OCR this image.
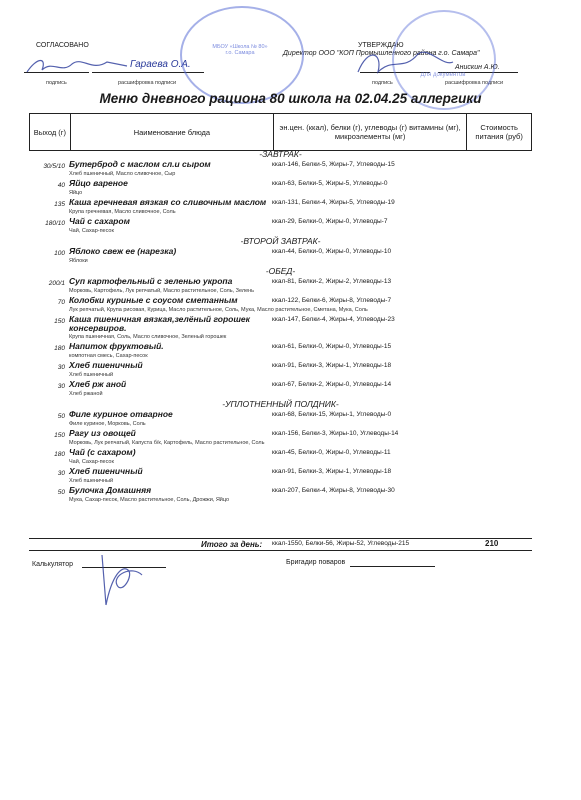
СОГЛАСОВАНО
Гараева О.А.
подпись	расшифровка подписи
УТВЕРЖДАЮ
Директор ООО "КОП Промышленного района г.о. Самара"
Анискин А.Ю.
подпись	расшифровка подписи
МБОУ «Школа № 80» г.о. Самара
Для документов
Меню дневного рациона 80 школа на 02.04.25 аллергики
Выход (г)	Наименование блюда	эн.цен. (ккал), белки (г), углеводы (г) витамины (мг), микроэлементы (мг)	Стоимость питания (руб)
-ЗАВТРАК-
30/5/10 Бутерброд с маслом сл.и сыром	ккал-146, Белки-5, Жиры-7, Углеводы-15
Хлеб пшеничный, Масло сливочное, Сыр
40 Яйцо вареное	ккал-63, Белки-5, Жиры-5, Углеводы-0
Яйцо
135 Каша гречневая вязкая со сливочным маслом ккал-131, Белки-4, Жиры-5, Углеводы-19
Крупа гречневая, Масло сливочное, Соль
180/10 Чай с сахаром	ккал-29, Белки-0, Жиры-0, Углеводы-7
Чай, Сахар-песок
-ВТОРОЙ ЗАВТРАК-
100 Яблоко свеж ее (нарезка)	ккал-44, Белки-0, Жиры-0, Углеводы-10
Яблоки
-ОБЕД-
200/1 Суп картофельный с зеленью укропа	ккал-81, Белки-2, Жиры-2, Углеводы-13
Морковь, Картофель, Лук репчатый, Масло растительное, Соль, Зелень
70 Колобки куриные с соусом сметанным	ккал-122, Белки-6, Жиры-8, Углеводы-7
Лук репчатый, Крупа рисовая, Курица, Масло растительное, Соль, Мука, Масло растительное, Сметана, Мука, Соль
150 Каша пшеничная вязкая,зелёный горошек консервиров.
ккал-147, Белки-4, Жиры-4, Углеводы-23
Крупа пшеничная, Соль, Масло сливочное, Зеленый горошек
180 Напиток фруктовый.	ккал-61, Белки-0, Жиры-0, Углеводы-15
компотная смесь, Сахар-песок
30 Хлеб пшеничный	ккал-91, Белки-3, Жиры-1, Углеводы-18
Хлеб пшеничный
30 Хлеб рж аной	ккал-67, Белки-2, Жиры-0, Углеводы-14
Хлеб ржаной
-УПЛОТНЕННЫЙ ПОЛДНИК-
50 Филе куриное отварное	ккал-68, Белки-15, Жиры-1, Углеводы-0
Филе куриное, Морковь, Соль
150 Рагу из овощей	ккал-156, Белки-3, Жиры-10, Углеводы-14
Морковь, Лук репчатый, Капуста б/к, Картофель, Масло растительное, Соль
180 Чай (с сахаром)	ккал-45, Белки-0, Жиры-0, Углеводы-11
Чай, Сахар-песок
30 Хлеб пшеничный	ккал-91, Белки-3, Жиры-1, Углеводы-18
Хлеб пшеничный
50 Булочка Домашняя	ккал-207, Белки-4, Жиры-8, Углеводы-30
Мука, Сахар-песок, Масло растительное, Соль, Дрожжи, Яйцо
Итого за день: ккал-1550, Белки-56, Жиры-52, Углеводы-215	210
Калькулятор	Бригадир поваров
